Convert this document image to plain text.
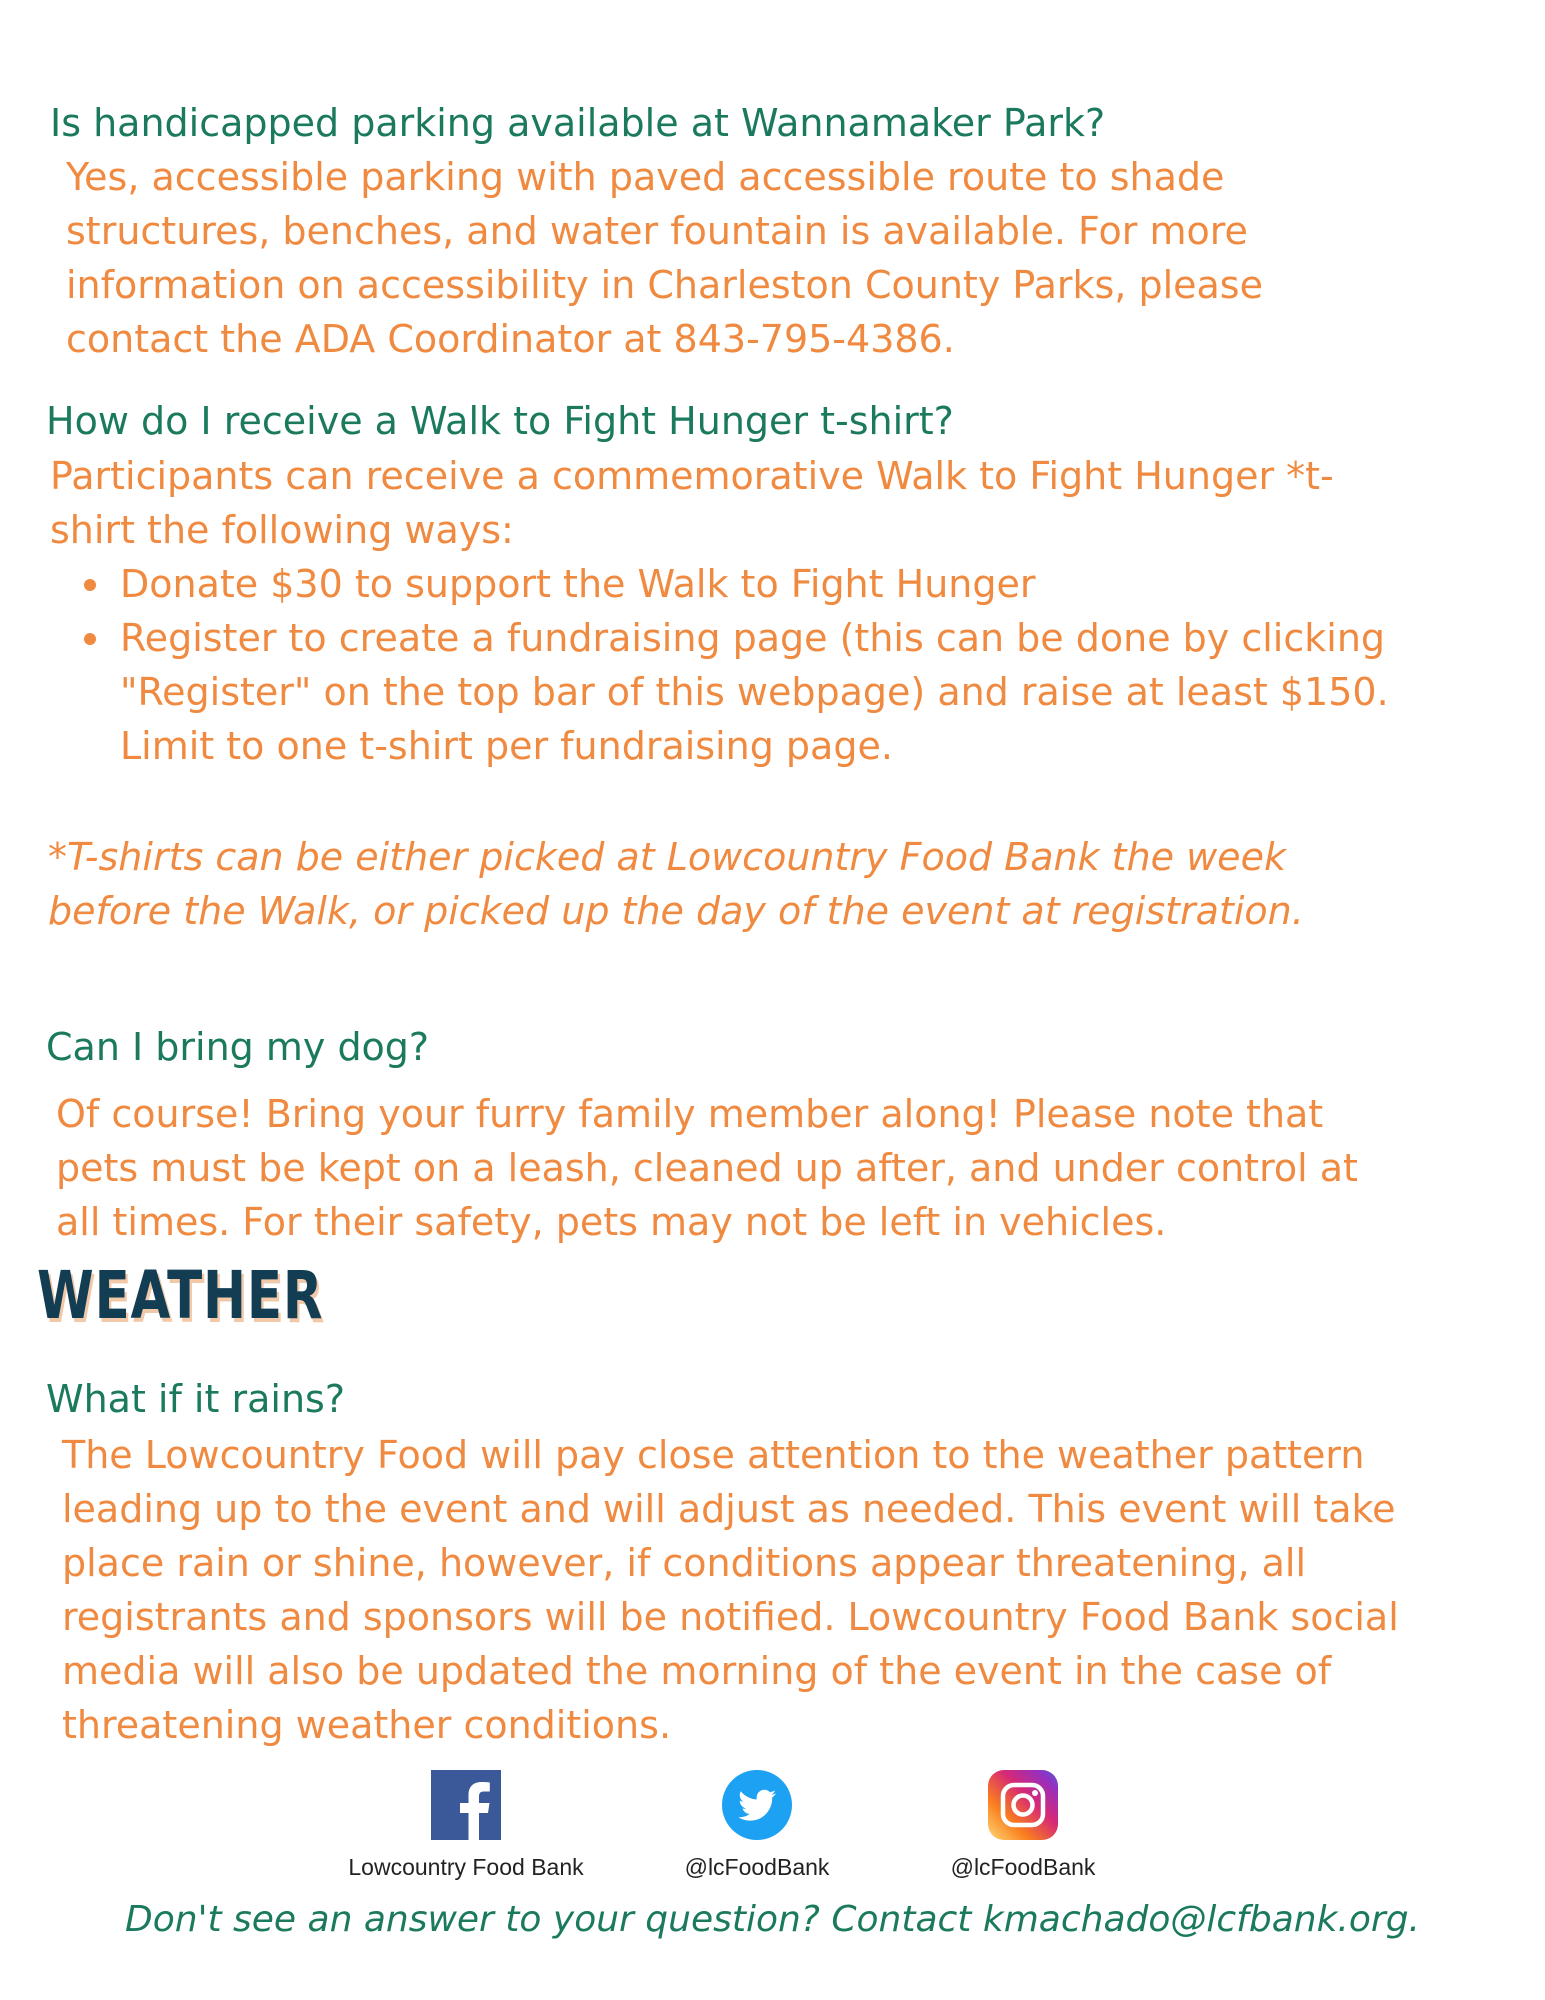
Is handicapped parking available at Wannamaker Park?
Yes, accessible parking with paved accessible route to shade
structures, benches, and water fountain is available. For more
information on accessibility in Charleston County Parks, please
contact the ADA Coordinator at 843-795-4386.
How do I receive a Walk to Fight Hunger t-shirt?
Participants can receive a commemorative Walk to Fight Hunger *t-
shirt the following ways:
Donate $30 to support the Walk to Fight Hunger
Register to create a fundraising page (this can be done by clicking
"Register" on the top bar of this webpage) and raise at least $150.
Limit to one t-shirt per fundraising page.
*T-shirts can be either picked at Lowcountry Food Bank the week
before the Walk, or picked up the day of the event at registration.
Can I bring my dog?
Of course! Bring your furry family member along! Please note that
pets must be kept on a leash, cleaned up after, and under control at
all times. For their safety, pets may not be left in vehicles.
WEATHER
What if it rains?
The Lowcountry Food will pay close attention to the weather pattern
leading up to the event and will adjust as needed. This event will take
place rain or shine, however, if conditions appear threatening, all
registrants and sponsors will be notified. Lowcountry Food Bank social
media will also be updated the morning of the event in the case of
threatening weather conditions.
Lowcountry Food Bank	@lcFoodBank	@lcFoodBank
Don't see an answer to your question? Contact kmachado@lcfbank.org.
